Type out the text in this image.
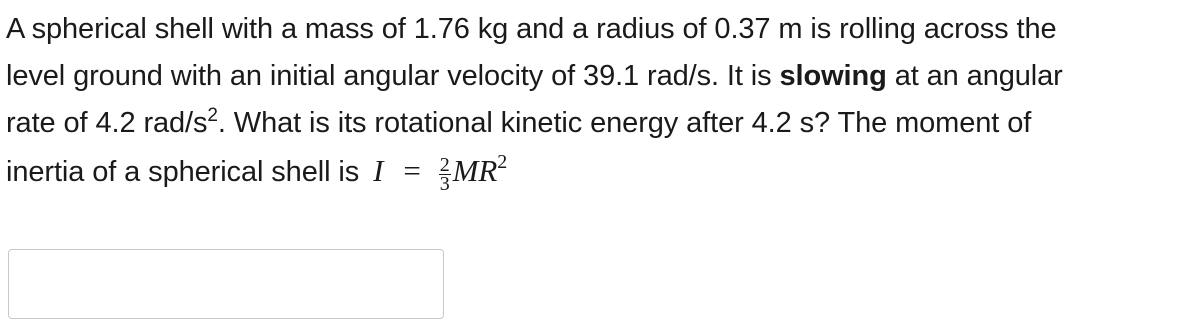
A spherical shell with a mass of 1.76 kg and a radius of 0.37 m is rolling across the
level ground with an initial angular velocity of 39.1 rad/s. It is slowing at an angular
rate of 4.2 rad/$s^2$. What is its rotational kinetic energy after 4.2 s? The moment of
inertia of a spherical shell is $I = \frac{2}{3} MR^2$
